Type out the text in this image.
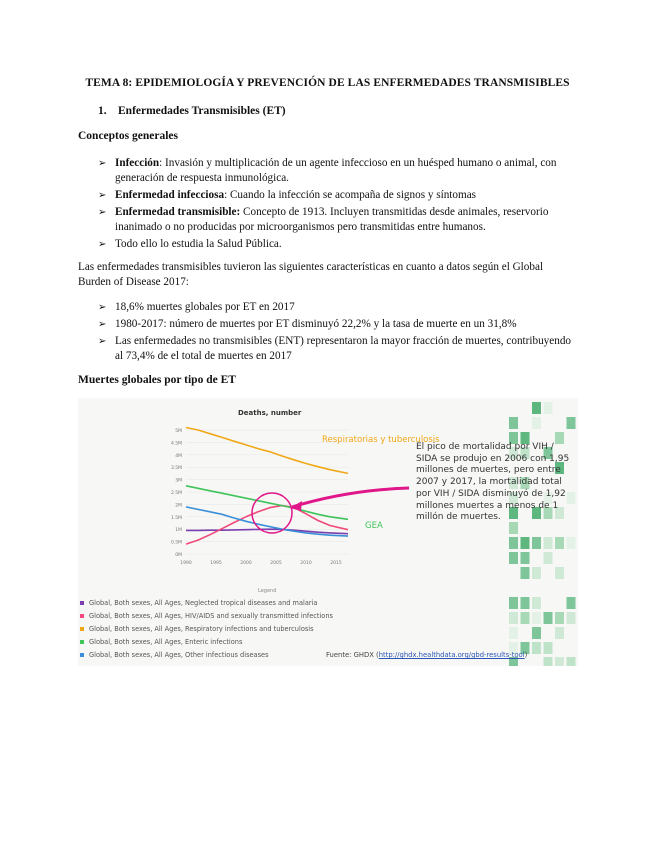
TEMA 8: EPIDEMIOLOGÍA Y PREVENCIÓN DE LAS ENFERMEDADES TRANSMISIBLES
1. Enfermedades Transmisibles (ET)
Conceptos generales
➢ Infección: Invasión y multiplicación de un agente infeccioso en un huésped humano o animal, con generación de respuesta inmunológica.
➢ Enfermedad infecciosa: Cuando la infección se acompaña de signos y síntomas
➢ Enfermedad transmisible: Concepto de 1913. Incluyen transmitidas desde animales, reservorio inanimado o no producidas por microorganismos pero transmitidas entre humanos.
➢ Todo ello lo estudia la Salud Pública.
Las enfermedades transmisibles tuvieron las siguientes características en cuanto a datos según el Global Burden of Disease 2017:
➢ 18,6% muertes globales por ET en 2017
➢ 1980-2017: número de muertes por ET disminuyó 22,2% y la tasa de muerte en un 31,8%
➢ Las enfermedades no transmisibles (ENT) representaron la mayor fracción de muertes, contribuyendo al 73,4% de el total de muertes en 2017
Muertes globales por tipo de ET
Deaths, number
0M
0.5M
1M
1.5M
2M
2.5M
3M
3.5M
4M
4.5M
5M
1990	1995	2000	2005	2010	2015
Respiratorias y tuberculosis
GEA
Legend
El pico de mortalidad por VIH / SIDA se produjo en 2006 con 1,95 millones de muertes, pero entre 2007 y 2017, la mortalidad total por VIH / SIDA disminuyó de 1,92 millones muertes a menos de 1 millón de muertes.
Global, Both sexes, All Ages, Neglected tropical diseases and malaria
Global, Both sexes, All Ages, HIV/AIDS and sexually transmitted infections
Global, Both sexes, All Ages, Respiratory infections and tuberculosis
Global, Both sexes, All Ages, Enteric infections
Global, Both sexes, All Ages, Other infectious diseases	Fuente: GHDX (http://ghdx.healthdata.org/gbd-results-tool)
